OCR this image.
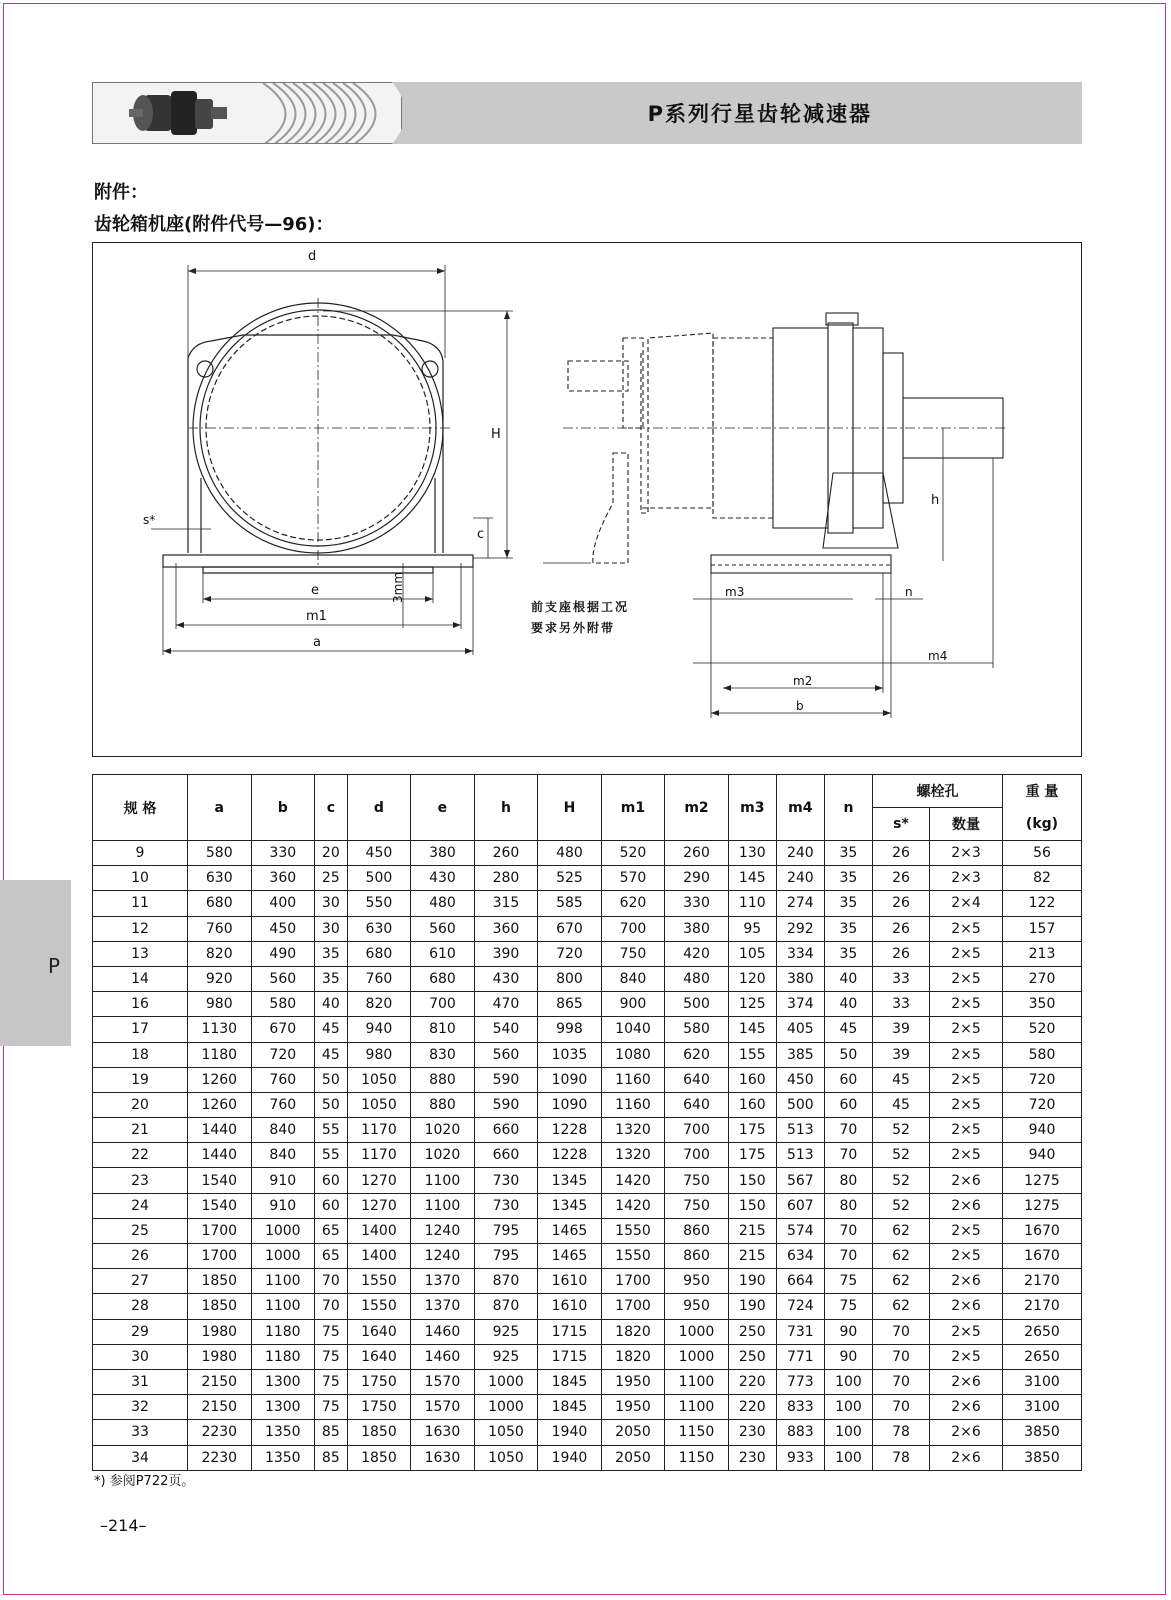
P系列行星齿轮减速器
附件：
齿轮箱机座(附件代号—96)：
d
H
h
c
s*
e
m1
a
3mm	m3	n
m4
m2
b
前支座根据工况
要求另外附带
P
规 格	a	b	c	d	e	h	H	m1	m2	m3	m4	n	螺栓孔		重 量
													s*	数量	(kg)
9	580	330	20	450	380	260	480	520	260	130	240	35	26	2×3	56
10	630	360	25	500	430	280	525	570	290	145	240	35	26	2×3	82
11	680	400	30	550	480	315	585	620	330	110	274	35	26	2×4	122
12	760	450	30	630	560	360	670	700	380	95	292	35	26	2×5	157
13	820	490	35	680	610	390	720	750	420	105	334	35	26	2×5	213
14	920	560	35	760	680	430	800	840	480	120	380	40	33	2×5	270
16	980	580	40	820	700	470	865	900	500	125	374	40	33	2×5	350
17	1130	670	45	940	810	540	998	1040	580	145	405	45	39	2×5	520
18	1180	720	45	980	830	560	1035	1080	620	155	385	50	39	2×5	580
19	1260	760	50	1050	880	590	1090	1160	640	160	450	60	45	2×5	720
20	1260	760	50	1050	880	590	1090	1160	640	160	500	60	45	2×5	720
21	1440	840	55	1170	1020	660	1228	1320	700	175	513	70	52	2×5	940
22	1440	840	55	1170	1020	660	1228	1320	700	175	513	70	52	2×5	940
23	1540	910	60	1270	1100	730	1345	1420	750	150	567	80	52	2×6	1275
24	1540	910	60	1270	1100	730	1345	1420	750	150	607	80	52	2×6	1275
25	1700	1000	65	1400	1240	795	1465	1550	860	215	574	70	62	2×5	1670
26	1700	1000	65	1400	1240	795	1465	1550	860	215	634	70	62	2×5	1670
27	1850	1100	70	1550	1370	870	1610	1700	950	190	664	75	62	2×6	2170
28	1850	1100	70	1550	1370	870	1610	1700	950	190	724	75	62	2×6	2170
29	1980	1180	75	1640	1460	925	1715	1820	1000	250	731	90	70	2×5	2650
30	1980	1180	75	1640	1460	925	1715	1820	1000	250	771	90	70	2×5	2650
31	2150	1300	75	1750	1570	1000	1845	1950	1100	220	773	100	70	2×6	3100
32	2150	1300	75	1750	1570	1000	1845	1950	1100	220	833	100	70	2×6	3100
33	2230	1350	85	1850	1630	1050	1940	2050	1150	230	883	100	78	2×6	3850
34	2230	1350	85	1850	1630	1050	1940	2050	1150	230	933	100	78	2×6	3850
*) 参阅P722页。
–214–
